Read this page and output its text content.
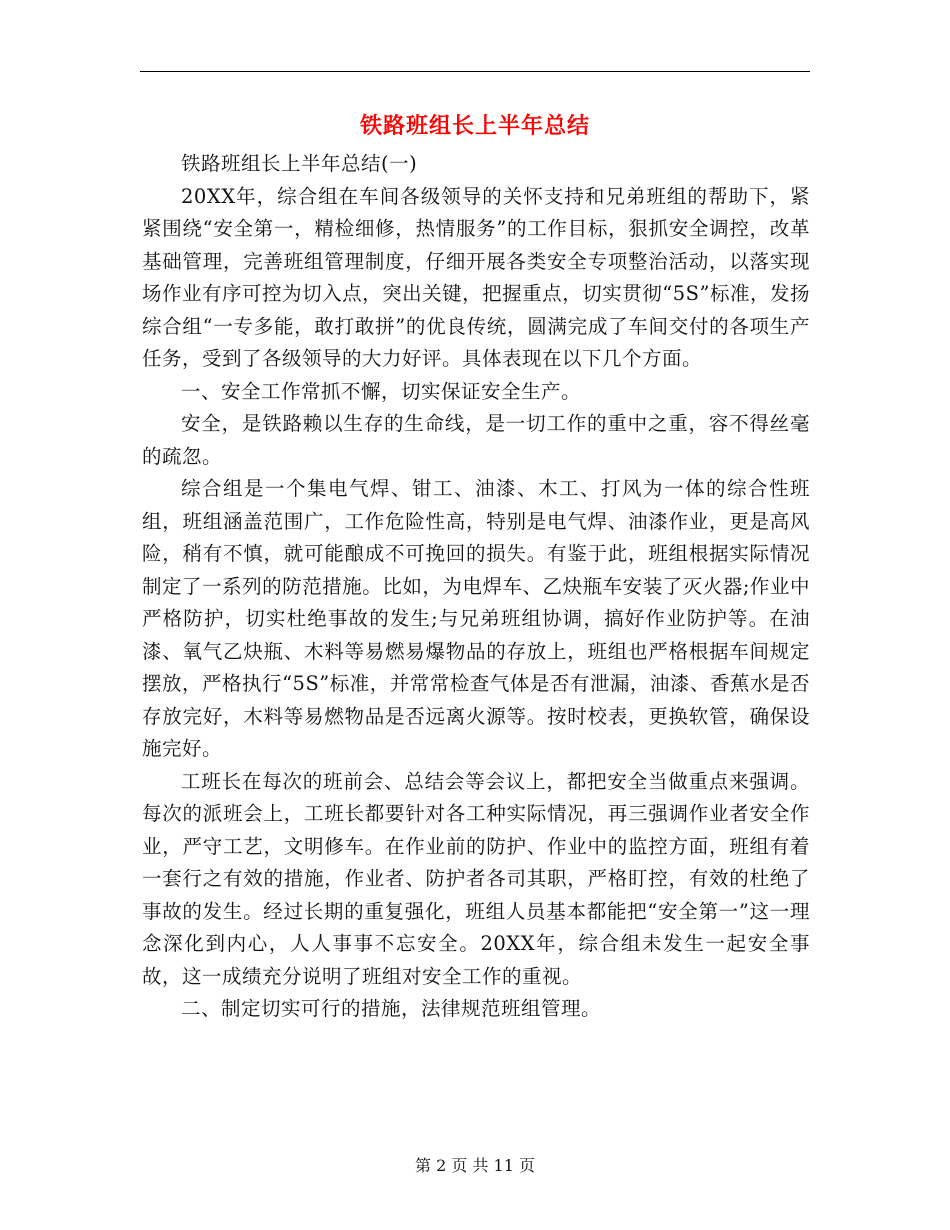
铁路班组长上半年总结

铁路班组长上半年总结(一)

20XX年，综合组在车间各级领导的关怀支持和兄弟班组的帮助下，紧紧围绕“安全第一，精检细修，热情服务”的工作目标，狠抓安全调控，改革基础管理，完善班组管理制度，仔细开展各类安全专项整治活动，以落实现场作业有序可控为切入点，突出关键，把握重点，切实贯彻“5S”标准，发扬综合组“一专多能，敢打敢拼”的优良传统，圆满完成了车间交付的各项生产任务，受到了各级领导的大力好评。具体表现在以下几个方面。

一、安全工作常抓不懈，切实保证安全生产。

安全，是铁路赖以生存的生命线，是一切工作的重中之重，容不得丝毫的疏忽。

综合组是一个集电气焊、钳工、油漆、木工、打风为一体的综合性班组，班组涵盖范围广，工作危险性高，特别是电气焊、油漆作业，更是高风险，稍有不慎，就可能酿成不可挽回的损失。有鉴于此，班组根据实际情况制定了一系列的防范措施。比如，为电焊车、乙炔瓶车安装了灭火器;作业中严格防护，切实杜绝事故的发生;与兄弟班组协调，搞好作业防护等。在油漆、氧气乙炔瓶、木料等易燃易爆物品的存放上，班组也严格根据车间规定摆放，严格执行“5S”标准，并常常检查气体是否有泄漏，油漆、香蕉水是否存放完好，木料等易燃物品是否远离火源等。按时校表，更换软管，确保设施完好。

工班长在每次的班前会、总结会等会议上，都把安全当做重点来强调。每次的派班会上，工班长都要针对各工种实际情况，再三强调作业者安全作业，严守工艺，文明修车。在作业前的防护、作业中的监控方面，班组有着一套行之有效的措施，作业者、防护者各司其职，严格盯控，有效的杜绝了事故的发生。经过长期的重复强化，班组人员基本都能把“安全第一”这一理念深化到内心，人人事事不忘安全。20XX年，综合组未发生一起安全事故，这一成绩充分说明了班组对安全工作的重视。

二、制定切实可行的措施，法律规范班组管理。

第 2 页 共 11 页
